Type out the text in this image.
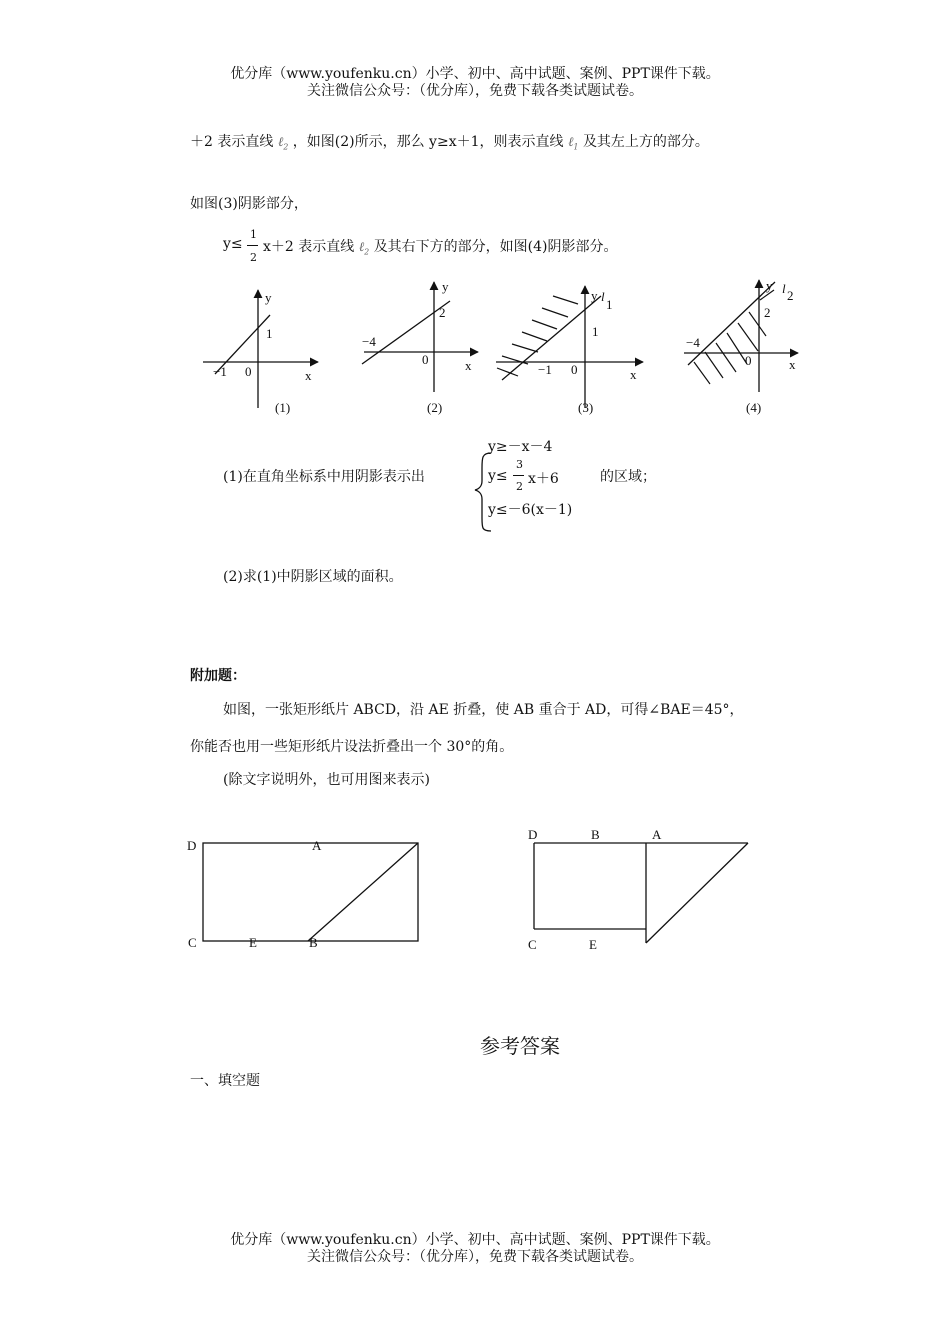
优分库（www.youfenku.cn）小学、初中、高中试题、案例、PPT课件下载。
关注微信公众号：（优分库），免费下载各类试题试卷。
＋2 表示直线 ℓ$_2$ ，如图(2)所示，那么 y≥x＋1，则表示直线 ℓ$_1$ 及其左上方的部分。
如图(3)阴影部分，
y≤
1
2
x＋2 表示直线 ℓ$_2$ 及其右下方的部分，如图(4)阴影部分。
y
x
1
−1 0
(1)
y
x
2
−4
0
(2)
y l
1
x
1
−1 0
(3)
y l 2
x
2
−4
0
(4)
D	A
C	E	B
D	B	A
C	E
(1)在直角坐标系中用阴影表示出
y≥－x－4
y≤
3
2 x＋6
y≤－6(x－1)
的区域；
(2)求(1)中阴影区域的面积。
附加题：
如图，一张矩形纸片 ABCD，沿 AE 折叠，使 AB 重合于 AD，可得∠BAE＝45°，
你能否也用一些矩形纸片设法折叠出一个 30°的角。
(除文字说明外，也可用图来表示)
参考答案
一、填空题
优分库（www.youfenku.cn）小学、初中、高中试题、案例、PPT课件下载。
关注微信公众号：（优分库），免费下载各类试题试卷。
